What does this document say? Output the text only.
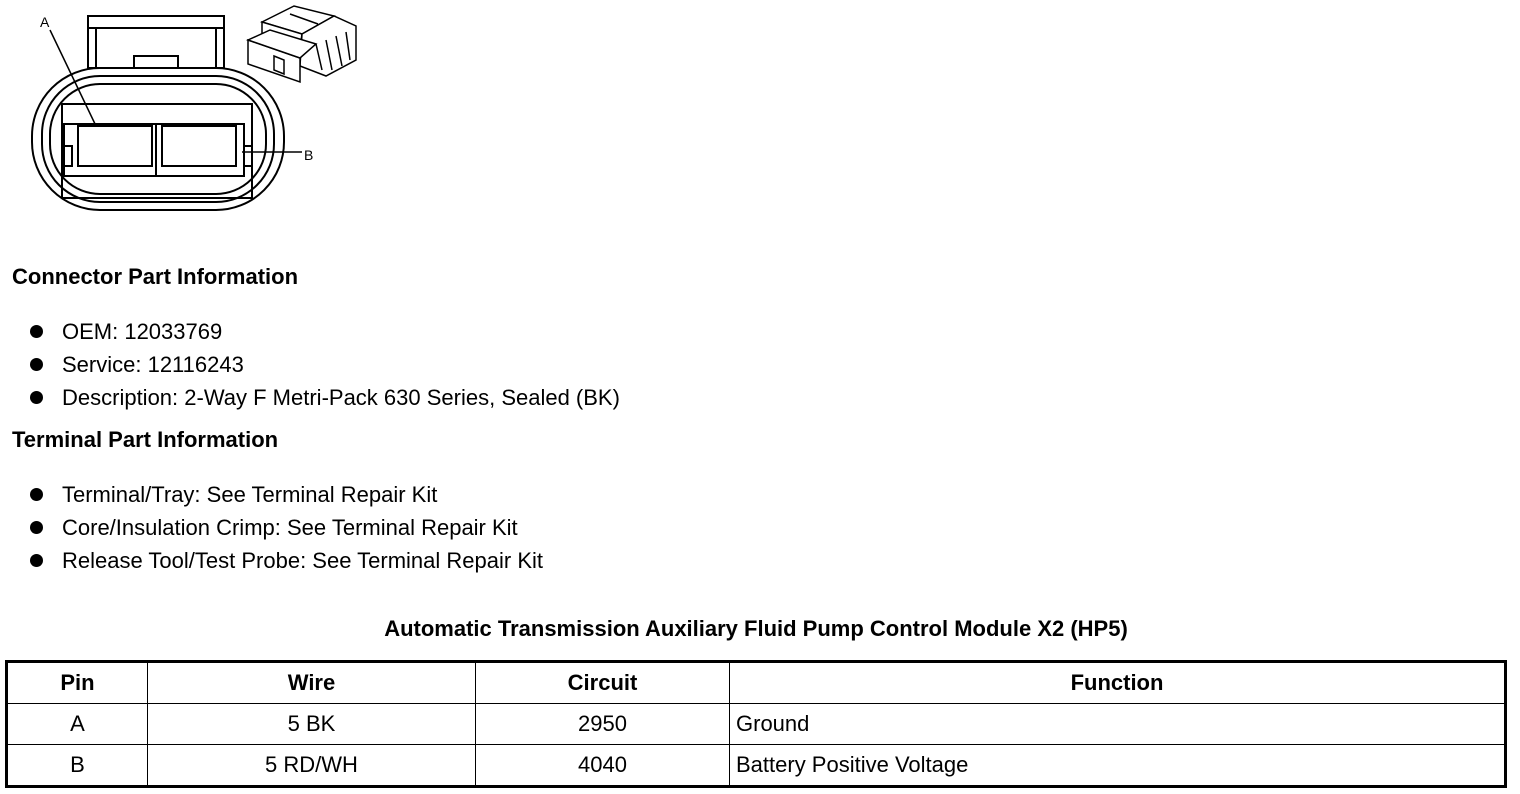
A
B
Connector Part Information
OEM: 12033769
Service: 12116243
Description: 2-Way F Metri-Pack 630 Series, Sealed (BK)
Terminal Part Information
Terminal/Tray: See Terminal Repair Kit
Core/Insulation Crimp: See Terminal Repair Kit
Release Tool/Test Probe: See Terminal Repair Kit
Automatic Transmission Auxiliary Fluid Pump Control Module X2 (HP5)
Pin	Wire	Circuit	Function
A	5 BK	2950	Ground
B	5 RD/WH	4040	Battery Positive Voltage
